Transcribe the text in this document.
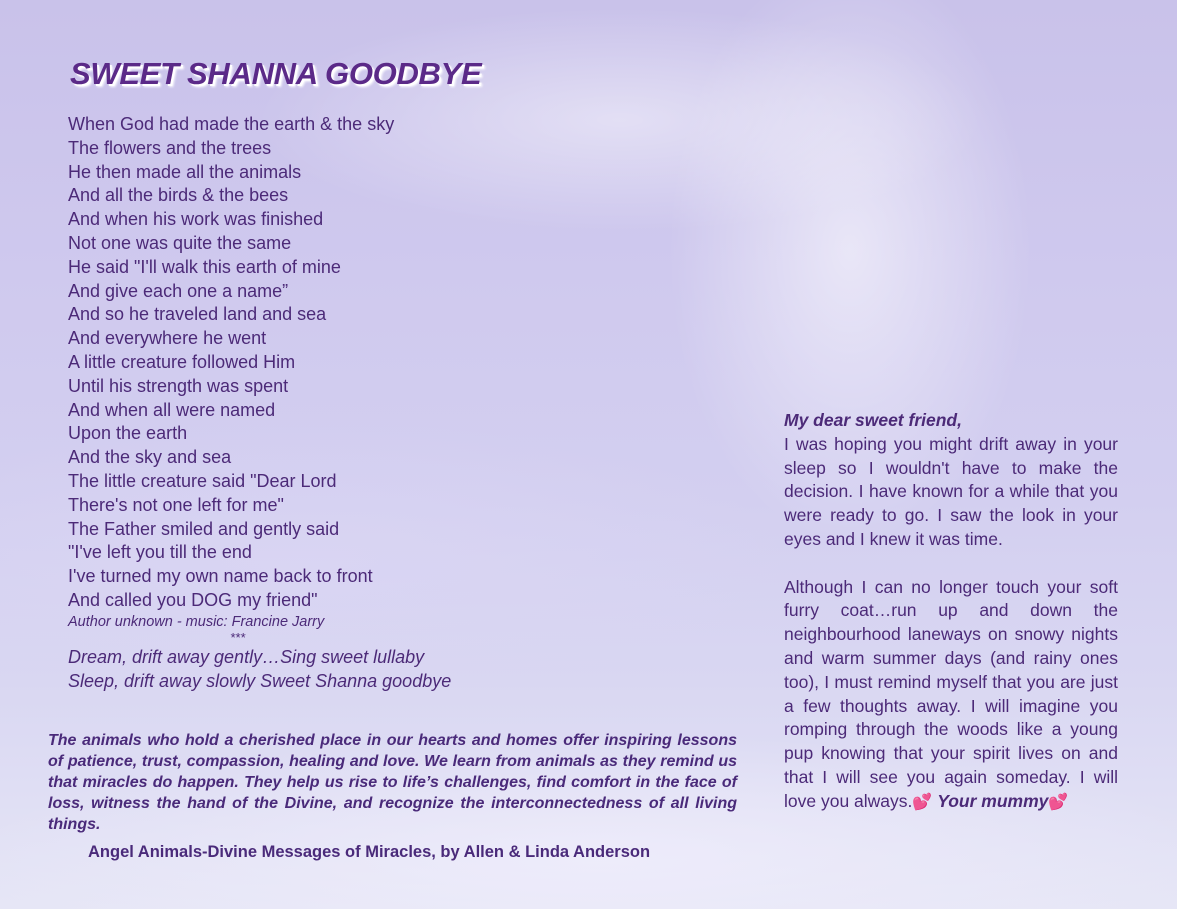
SWEET SHANNA GOODBYE
When God had made the earth & the sky
The flowers and the trees
He then made all the animals
And all the birds & the bees
And when his work was finished
Not one was quite the same
He said "I'll walk this earth of mine
And give each one a name”
And so he traveled land and sea
And everywhere he went
A little creature followed Him
Until his strength was spent
And when all were named
Upon the earth
And the sky and sea
The little creature said "Dear Lord
There's not one left for me"
The Father smiled and gently said
"I've left you till the end
I've turned my own name back to front
And called you DOG my friend"
Author unknown - music: Francine Jarry
***
Dream, drift away gently…Sing sweet lullaby
Sleep, drift away slowly Sweet Shanna goodbye
The animals who hold a cherished place in our hearts and homes offer inspiring lessons of patience, trust, compassion, healing and love. We learn from animals as they remind us that miracles do happen. They help us rise to life’s challenges, find comfort in the face of loss, witness the hand of the Divine, and recognize the interconnectedness of all living things.
Angel Animals-Divine Messages of Miracles, by Allen & Linda Anderson
My dear sweet friend,
I was hoping you might drift away in your sleep so I wouldn't have to make the decision. I have known for a while that you were ready to go. I saw the look in your eyes and I knew it was time.
Although I can no longer touch your soft furry coat…run up and down the neighbourhood laneways on snowy nights and warm summer days (and rainy ones too), I must remind myself that you are just a few thoughts away. I will imagine you romping through the woods like a young pup knowing that your spirit lives on and that I will see you again someday. I will love you always.💕 Your mummy💕
